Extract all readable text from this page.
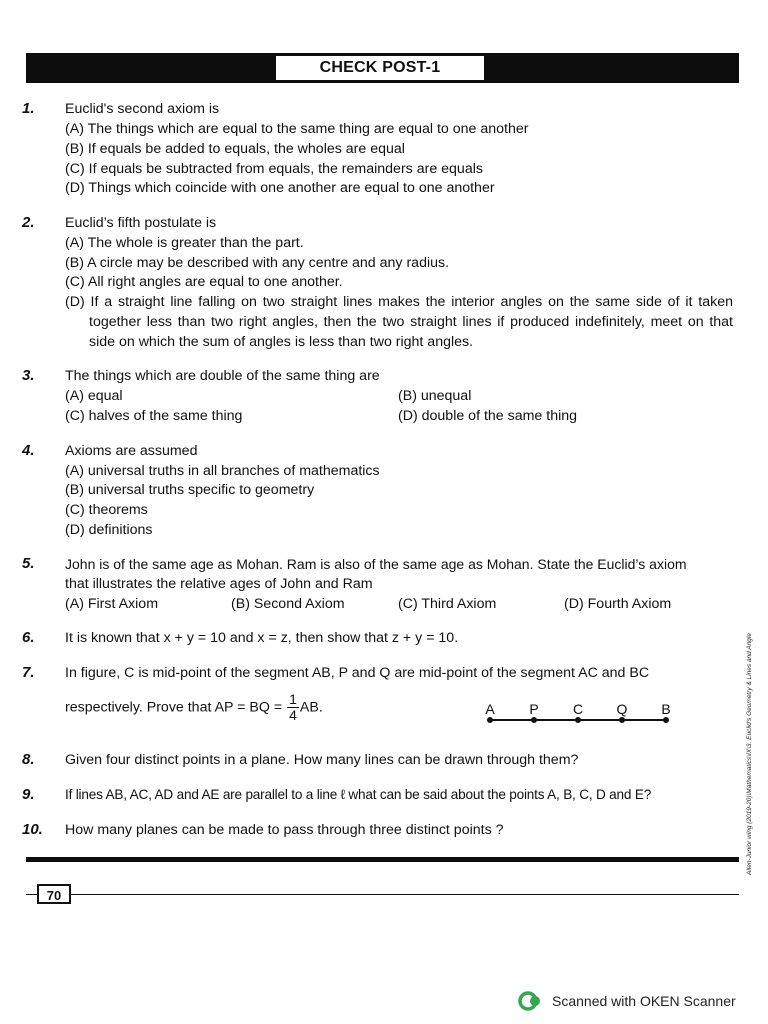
CHECK POST-1
1. Euclid's second axiom is
(A) The things which are equal to the same thing are equal to one another
(B) If equals be added to equals, the wholes are equal
(C) If equals be subtracted from equals, the remainders are equals
(D) Things which coincide with one another are equal to one another
2. Euclid’s fifth postulate is
(A) The whole is greater than the part.
(B) A circle may be described with any centre and any radius.
(C) All right angles are equal to one another.
(D) If a straight line falling on two straight lines makes the interior angles on the same side of it taken together less than two right angles, then the two straight lines if produced indefinitely, meet on that side on which the sum of angles is less than two right angles.
3. The things which are double of the same thing are
(A) equal	(B) unequal
(C) halves of the same thing	(D) double of the same thing
4. Axioms are assumed
(A) universal truths in all branches of mathematics
(B) universal truths specific to geometry
(C) theorems
(D) definitions
5. John is of the same age as Mohan. Ram is also of the same age as Mohan. State the Euclid’s axiom
that illustrates the relative ages of John and Ram
(A) First Axiom	(B) Second Axiom	(C) Third Axiom	(D) Fourth Axiom
6. It is known that x + y = 10 and x = z, then show that z + y = 10.
7. In figure, C is mid-point of the segment AB, P and Q are mid-point of the segment AC and BC
respectively. Prove that AP = BQ = $\frac{1}{4}$ AB.	A P C Q B
8. Given four distinct points in a plane. How many lines can be drawn through them?
9. If lines AB, AC, AD and AE are parallel to a line ℓ what can be said about the points A, B, C, D and E?
10. How many planes can be made to pass through three distinct points ?
70
Allen-Junior wing (2019-20)\Mathematics\IX\3. Euclid's Geometry & Lines and Angle
Scanned with OKEN Scanner
